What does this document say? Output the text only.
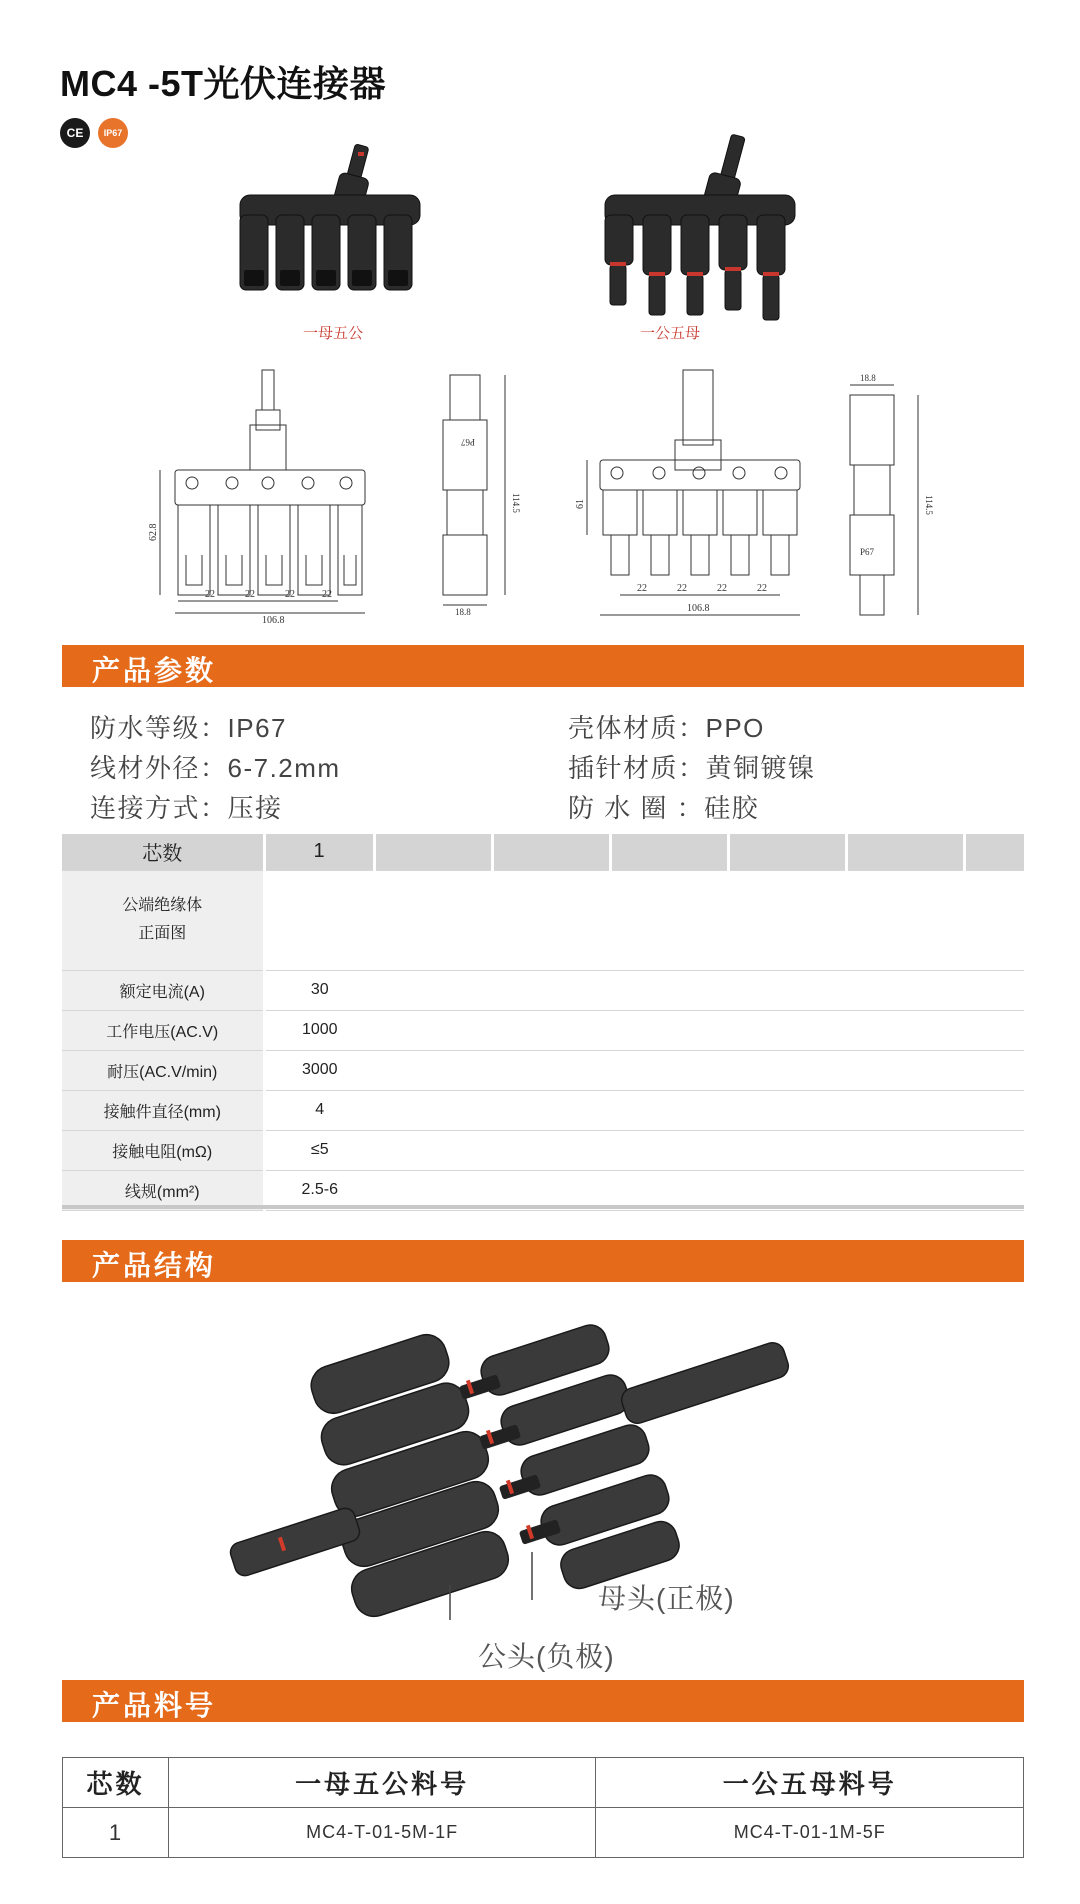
MC4 -5T光伏连接器
CE	IP67
一母五公	一公五母
62.8
22	22	22	22
106.8
P67
114.5
18.8
61
22	22	22	22
106.8
18.8
P67
114.5
产品参数
防水等级：IP67	壳体材质：PPO
线材外径：6-7.2mm	插针材质：黄铜镀镍
连接方式：压接	防 水 圈 ：硅胶
芯数	1						
公端绝缘体
正面图							
额定电流(A)	30						
工作电压(AC.V)	1000						
耐压(AC.V/min)	3000						
接触件直径(mm)	4						
接触电阻(mΩ)	≤5						
线规(mm²)	2.5-6						
产品结构
母头(正极)
公头(负极)
产品料号
芯数	一母五公料号	一公五母料号
1	MC4-T-01-5M-1F	MC4-T-01-1M-5F
